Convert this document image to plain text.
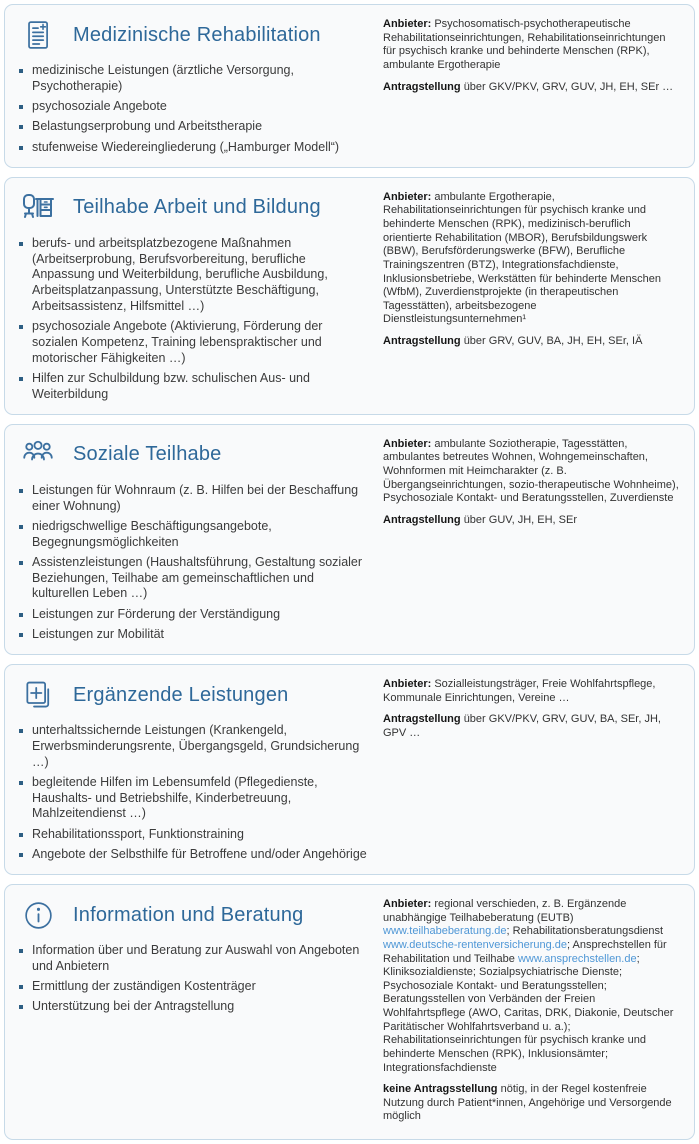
Medizinische Rehabilitation
medizinische Leistungen (ärztliche Versorgung, Psychotherapie)
psychosoziale Angebote
Belastungserprobung und Arbeitstherapie
stufenweise Wiedereingliederung („Hamburger Modell“)

Anbieter: Psychosomatisch-psychotherapeutische Rehabilitationseinrichtungen, Rehabilitationseinrichtungen für psychisch kranke und behinderte Menschen (RPK), ambulante Ergotherapie

Antragstellung über GKV/PKV, GRV, GUV, JH, EH, SEr …

Teilhabe Arbeit und Bildung
berufs- und arbeitsplatzbezogene Maßnahmen (Arbeitserprobung, Berufsvorbereitung, berufliche Anpassung und Weiterbildung, berufliche Ausbildung, Arbeitsplatzanpassung, Unterstützte Beschäftigung, Arbeitsassistenz, Hilfsmittel …)
psychosoziale Angebote (Aktivierung, Förderung der sozialen Kompetenz, Training lebenspraktischer und motorischer Fähigkeiten …)
Hilfen zur Schulbildung bzw. schulischen Aus- und Weiterbildung

Anbieter: ambulante Ergotherapie, Rehabilitationseinrichtungen für psychisch kranke und behinderte Menschen (RPK), medizinisch-beruflich orientierte Rehabilitation (MBOR), Berufsbildungswerk (BBW), Berufsförderungswerke (BFW), Berufliche Trainingszentren (BTZ), Integrationsfachdienste, Inklusionsbetriebe, Werkstätten für behinderte Menschen (WfbM), Zuverdienstprojekte (in therapeutischen Tagesstätten), arbeitsbezogene Dienstleistungsunternehmen¹

Antragstellung über GRV, GUV, BA, JH, EH, SEr, IÄ

Soziale Teilhabe
Leistungen für Wohnraum (z. B. Hilfen bei der Beschaffung einer Wohnung)
niedrigschwellige Beschäftigungsangebote, Begegnungsmöglichkeiten
Assistenzleistungen (Haushaltsführung, Gestaltung sozialer Beziehungen, Teilhabe am gemeinschaftlichen und kulturellen Leben …)
Leistungen zur Förderung der Verständigung
Leistungen zur Mobilität

Anbieter: ambulante Soziotherapie, Tagesstätten, ambulantes betreutes Wohnen, Wohngemeinschaften, Wohnformen mit Heimcharakter (z. B. Übergangseinrichtungen, sozio-therapeutische Wohnheime), Psychosoziale Kontakt- und Beratungsstellen, Zuverdienste

Antragstellung über GUV, JH, EH, SEr

Ergänzende Leistungen
unterhaltssichernde Leistungen (Krankengeld, Erwerbsminderungsrente, Übergangsgeld, Grundsicherung …)
begleitende Hilfen im Lebensumfeld (Pflegedienste, Haushalts- und Betriebshilfe, Kinderbetreuung, Mahlzeitendienst …)
Rehabilitationssport, Funktionstraining
Angebote der Selbsthilfe für Betroffene und/oder Angehörige

Anbieter: Sozialleistungsträger, Freie Wohlfahrtspflege, Kommunale Einrichtungen, Vereine …

Antragstellung über GKV/PKV, GRV, GUV, BA, SEr, JH, GPV …

Information und Beratung
Information über und Beratung zur Auswahl von Angeboten und Anbietern
Ermittlung der zuständigen Kostenträger
Unterstützung bei der Antragstellung

Anbieter: regional verschieden, z. B. Ergänzende unabhängige Teilhabeberatung (EUTB) www.teilhabeberatung.de; Rehabilitationsberatungsdienst www.deutsche-rentenversicherung.de; Ansprechstellen für Rehabilitation und Teilhabe www.ansprechstellen.de; Kliniksozialdienste; Sozialpsychiatrische Dienste; Psychosoziale Kontakt- und Beratungsstellen; Beratungsstellen von Verbänden der Freien Wohlfahrtspflege (AWO, Caritas, DRK, Diakonie, Deutscher Paritätischer Wohlfahrtsverband u. a.); Rehabilitationseinrichtungen für psychisch kranke und behinderte Menschen (RPK), Inklusionsämter; Integrationsfachdienste

keine Antragsstellung nötig, in der Regel kostenfreie Nutzung durch Patient*innen, Angehörige und Versorgende möglich
